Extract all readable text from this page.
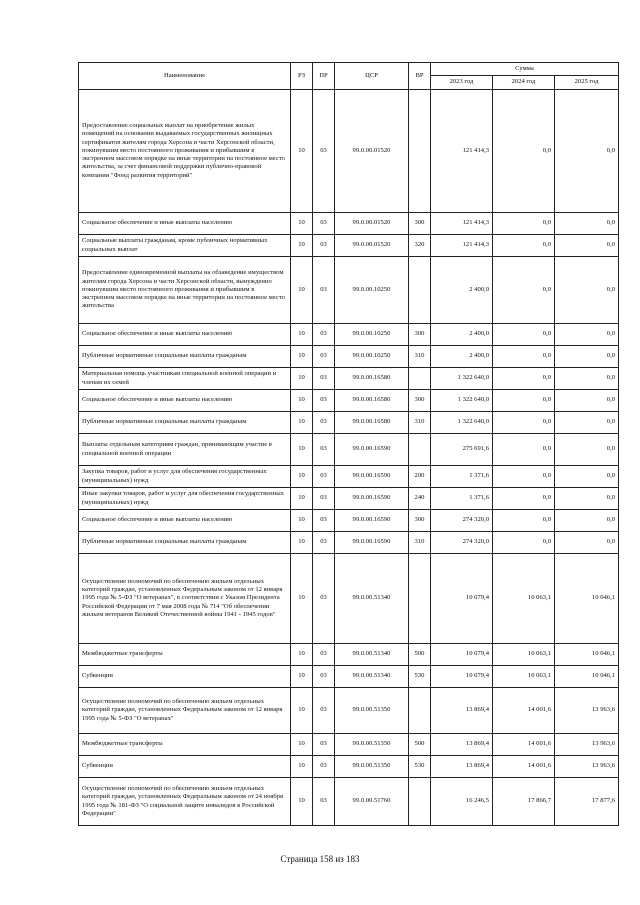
Наименование	РЗ	ПР	ЦСР	ВР	Сумма		
					2023 год	2024 год	2025 год
Предоставление социальных выплат на приобретение жилых помещений на основании выдаваемых государственных жилищных сертификатов жителям города Херсона и части Херсонской области, покинувшим место постоянного проживания и прибывшим в экстренном массовом порядке на иные территории на постоянное место жительства, за счет финансовой поддержки публично-правовой компании "Фонд развития территорий"	10	03	99.0.00.01520		121 414,3	0,0	0,0
Социальное обеспечение и иные выплаты населению	10	03	99.0.00.01520	300	121 414,3	0,0	0,0
Социальные выплаты гражданам, кроме публичных нормативных социальных выплат	10	03	99.0.00.01520	320	121 414,3	0,0	0,0
Предоставление единовременной выплаты на обзаведение имуществом жителям города Херсона и части Херсонской области, вынужденно покинувшим место постоянного проживания и прибывшим в экстренном массовом порядке на иные территории на постоянное место жительства	10	03	99.0.00.10250		2 400,0	0,0	0,0
Социальное обеспечение и иные выплаты населению	10	03	99.0.00.10250	300	2 400,0	0,0	0,0
Публичные нормативные социальные выплаты гражданам	10	03	99.0.00.10250	310	2 400,0	0,0	0,0
Материальная помощь участникам специальной военной операции и членам их семей	10	03	99.0.00.16580		1 322 640,0	0,0	0,0
Социальное обеспечение и иные выплаты населению	10	03	99.0.00.16580	300	1 322 640,0	0,0	0,0
Публичные нормативные социальные выплаты гражданам	10	03	99.0.00.16580	310	1 322 640,0	0,0	0,0
Выплаты отдельным категориям граждан, принимающим участие в специальной военной операции	10	03	99.0.00.16590		275 691,6	0,0	0,0
Закупка товаров, работ и услуг для обеспечения государственных (муниципальных) нужд	10	03	99.0.00.16590	200	1 371,6	0,0	0,0
Иные закупки товаров, работ и услуг для обеспечения государственных (муниципальных) нужд	10	03	99.0.00.16590	240	1 371,6	0,0	0,0
Социальное обеспечение и иные выплаты населению	10	03	99.0.00.16590	300	274 320,0	0,0	0,0
Публичные нормативные социальные выплаты гражданам	10	03	99.0.00.16590	310	274 320,0	0,0	0,0
Осуществление полномочий по обеспечению жильем отдельных категорий граждан, установленных Федеральным законом от 12 января 1995 года № 5-ФЗ "О ветеранах", в соответствии с Указом Президента Российской Федерации от 7 мая 2008 года № 714 "Об обеспечении жильем ветеранов Великой Отечественной войны 1941 - 1945 годов"	10	03	99.0.00.51340		10 079,4	10 063,1	10 046,1
Межбюджетные трансферты	10	03	99.0.00.51340	500	10 079,4	10 063,1	10 046,1
Субвенции	10	03	99.0.00.51340	530	10 079,4	10 063,1	10 046,1
Осуществление полномочий по обеспечению жильем отдельных категорий граждан, установленных Федеральным законом от 12 января 1995 года № 5-ФЗ "О ветеранах"	10	03	99.0.00.51350		13 869,4	14 001,6	13 963,6
Межбюджетные трансферты	10	03	99.0.00.51350	500	13 869,4	14 001,6	13 963,6
Субвенции	10	03	99.0.00.51350	530	13 869,4	14 001,6	13 963,6
Осуществление полномочий по обеспечению жильем отдельных категорий граждан, установленных Федеральным законом от 24 ноября 1995 года № 181-ФЗ "О социальной защите инвалидов в Российской Федерации"	10	03	99.0.00.51760		16 246,5	17 866,7	17 877,6
Страница 158 из 183
